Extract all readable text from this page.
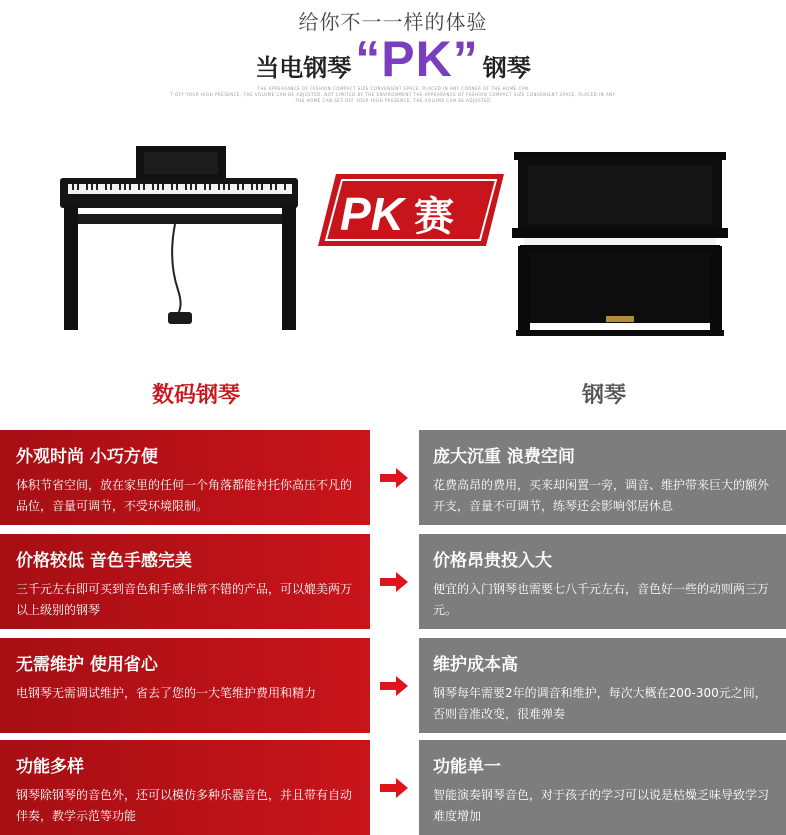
给你不一一样的体验
当电钢琴 “PK” 钢琴
THE APPEARANCE OF FASHION COMPACT SIZE CONVENIENT SPACE, PLACED IN ANY CORNER OF THE HOME CAN
T-OFF YOUR HIGH PRESENCE, THE VOLUME CAN BE ADJUSTED, NOT LIMITED BY THE ENVIRONMENT THE APPEARANCE OF FASHION COMPACT SIZE CONVENIENT SPACE, PLACED IN ANY
THE HOME CAN SET-OFF YOUR HIGH PRESENCE, THE VOLUME CAN BE ADJUSTED
PK 赛
数码钢琴	钢琴
外观时尚 小巧方便
体积节省空间，放在家里的任何一个角落都能衬托你高压不凡的品位，音量可调节，不受环境限制。
庞大沉重 浪费空间
花费高昂的费用，买来却闲置一旁，调音、维护带来巨大的额外开支，音量不可调节，练琴还会影响邻居休息
价格较低 音色手感完美
三千元左右即可买到音色和手感非常不错的产品，可以媲美两万以上级别的钢琴
价格昂贵投入大
便宜的入门钢琴也需要七八千元左右，音色好一些的动则两三万元。
无需维护 使用省心
电钢琴无需调试维护，省去了您的一大笔维护费用和精力
维护成本高
钢琴每年需要2年的调音和维护，每次大概在200-300元之间，否则音准改变，很难弹奏
功能多样
钢琴除钢琴的音色外，还可以模仿多种乐器音色，并且带有自动伴奏，教学示范等功能
功能单一
智能演奏钢琴音色，对于孩子的学习可以说是枯燥乏味导致学习难度增加
